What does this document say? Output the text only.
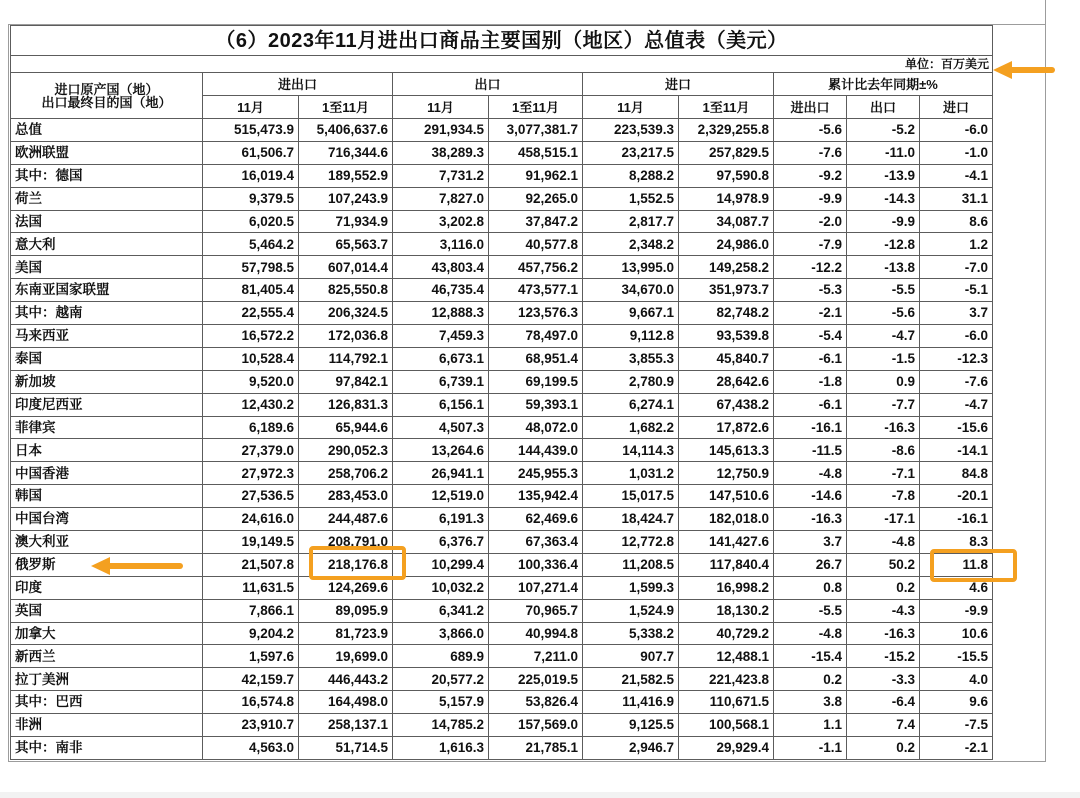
（6）2023年11月进出口商品主要国别（地区）总值表（美元）									
单位：百万美元									

进口原产国（地）
出口最终目的国（地）	进出口		出口		进口		累计比去年同期±%		
	11月	1至11月	11月	1至11月	11月	1至11月	进出口	出口	进口
总值	515,473.9	5,406,637.6	291,934.5	3,077,381.7	223,539.3	2,329,255.8	-5.6	-5.2	-6.0
欧洲联盟	61,506.7	716,344.6	38,289.3	458,515.1	23,217.5	257,829.5	-7.6	-11.0	-1.0
其中：德国	16,019.4	189,552.9	7,731.2	91,962.1	8,288.2	97,590.8	-9.2	-13.9	-4.1
荷兰	9,379.5	107,243.9	7,827.0	92,265.0	1,552.5	14,978.9	-9.9	-14.3	31.1
法国	6,020.5	71,934.9	3,202.8	37,847.2	2,817.7	34,087.7	-2.0	-9.9	8.6
意大利	5,464.2	65,563.7	3,116.0	40,577.8	2,348.2	24,986.0	-7.9	-12.8	1.2
美国	57,798.5	607,014.4	43,803.4	457,756.2	13,995.0	149,258.2	-12.2	-13.8	-7.0
东南亚国家联盟	81,405.4	825,550.8	46,735.4	473,577.1	34,670.0	351,973.7	-5.3	-5.5	-5.1
其中：越南	22,555.4	206,324.5	12,888.3	123,576.3	9,667.1	82,748.2	-2.1	-5.6	3.7
马来西亚	16,572.2	172,036.8	7,459.3	78,497.0	9,112.8	93,539.8	-5.4	-4.7	-6.0
泰国	10,528.4	114,792.1	6,673.1	68,951.4	3,855.3	45,840.7	-6.1	-1.5	-12.3
新加坡	9,520.0	97,842.1	6,739.1	69,199.5	2,780.9	28,642.6	-1.8	0.9	-7.6
印度尼西亚	12,430.2	126,831.3	6,156.1	59,393.1	6,274.1	67,438.2	-6.1	-7.7	-4.7
菲律宾	6,189.6	65,944.6	4,507.3	48,072.0	1,682.2	17,872.6	-16.1	-16.3	-15.6
日本	27,379.0	290,052.3	13,264.6	144,439.0	14,114.3	145,613.3	-11.5	-8.6	-14.1
中国香港	27,972.3	258,706.2	26,941.1	245,955.3	1,031.2	12,750.9	-4.8	-7.1	84.8
韩国	27,536.5	283,453.0	12,519.0	135,942.4	15,017.5	147,510.6	-14.6	-7.8	-20.1
中国台湾	24,616.0	244,487.6	6,191.3	62,469.6	18,424.7	182,018.0	-16.3	-17.1	-16.1
澳大利亚	19,149.5	208,791.0	6,376.7	67,363.4	12,772.8	141,427.6	3.7	-4.8	8.3
俄罗斯	21,507.8	218,176.8	10,299.4	100,336.4	11,208.5	117,840.4	26.7	50.2	11.8
印度	11,631.5	124,269.6	10,032.2	107,271.4	1,599.3	16,998.2	0.8	0.2	4.6
英国	7,866.1	89,095.9	6,341.2	70,965.7	1,524.9	18,130.2	-5.5	-4.3	-9.9
加拿大	9,204.2	81,723.9	3,866.0	40,994.8	5,338.2	40,729.2	-4.8	-16.3	10.6
新西兰	1,597.6	19,699.0	689.9	7,211.0	907.7	12,488.1	-15.4	-15.2	-15.5
拉丁美洲	42,159.7	446,443.2	20,577.2	225,019.5	21,582.5	221,423.8	0.2	-3.3	4.0
其中：巴西	16,574.8	164,498.0	5,157.9	53,826.4	11,416.9	110,671.5	3.8	-6.4	9.6
非洲	23,910.7	258,137.1	14,785.2	157,569.0	9,125.5	100,568.1	1.1	7.4	-7.5
其中：南非	4,563.0	51,714.5	1,616.3	21,785.1	2,946.7	29,929.4	-1.1	0.2	-2.1
